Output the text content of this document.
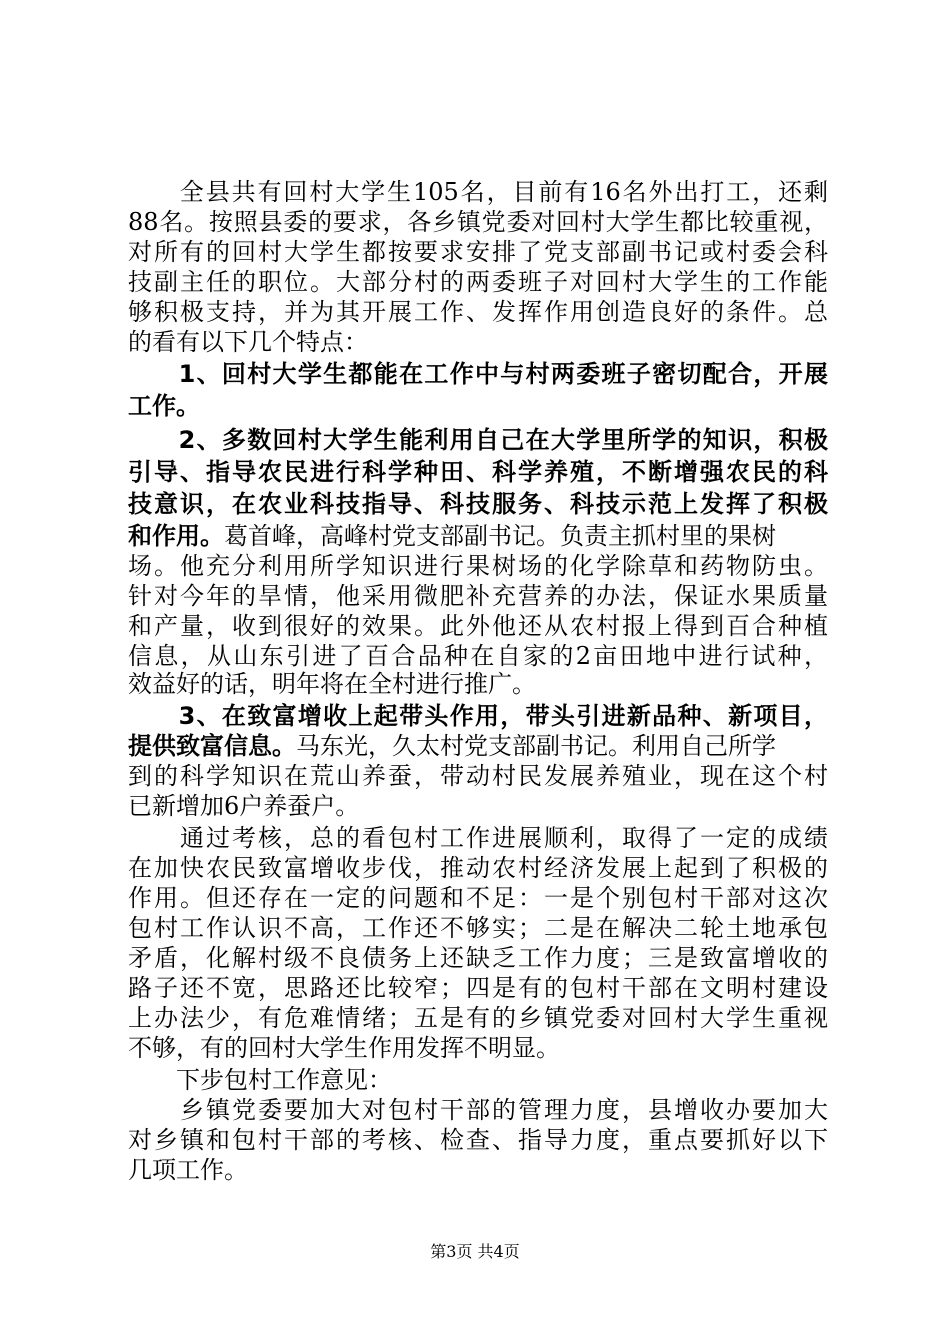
　　全县共有回村大学生105名，目前有16名外出打工，还剩
88名。按照县委的要求，各乡镇党委对回村大学生都比较重视，
对所有的回村大学生都按要求安排了党支部副书记或村委会科
技副主任的职位。大部分村的两委班子对回村大学生的工作能
够积极支持，并为其开展工作、发挥作用创造良好的条件。总
的看有以下几个特点：
　　1、回村大学生都能在工作中与村两委班子密切配合，开展
工作。
　　2、多数回村大学生能利用自己在大学里所学的知识，积极
引导、指导农民进行科学种田、科学养殖，不断增强农民的科
技意识，在农业科技指导、科技服务、科技示范上发挥了积极
和作用。葛首峰，高峰村党支部副书记。负责主抓村里的果树
场。他充分利用所学知识进行果树场的化学除草和药物防虫。
针对今年的旱情，他采用微肥补充营养的办法，保证水果质量
和产量，收到很好的效果。此外他还从农村报上得到百合种植
信息，从山东引进了百合品种在自家的2亩田地中进行试种，
效益好的话，明年将在全村进行推广。
　　3、在致富增收上起带头作用，带头引进新品种、新项目，
提供致富信息。马东光，久太村党支部副书记。利用自己所学
到的科学知识在荒山养蚕，带动村民发展养殖业，现在这个村
已新增加6户养蚕户。
　　通过考核，总的看包村工作进展顺利，取得了一定的成绩
在加快农民致富增收步伐，推动农村经济发展上起到了积极的
作用。但还存在一定的问题和不足：一是个别包村干部对这次
包村工作认识不高，工作还不够实；二是在解决二轮土地承包
矛盾，化解村级不良债务上还缺乏工作力度；三是致富增收的
路子还不宽，思路还比较窄；四是有的包村干部在文明村建设
上办法少，有危难情绪；五是有的乡镇党委对回村大学生重视
不够，有的回村大学生作用发挥不明显。
　　下步包村工作意见：
　　乡镇党委要加大对包村干部的管理力度，县增收办要加大
对乡镇和包村干部的考核、检查、指导力度，重点要抓好以下
几项工作。
第3页 共4页
